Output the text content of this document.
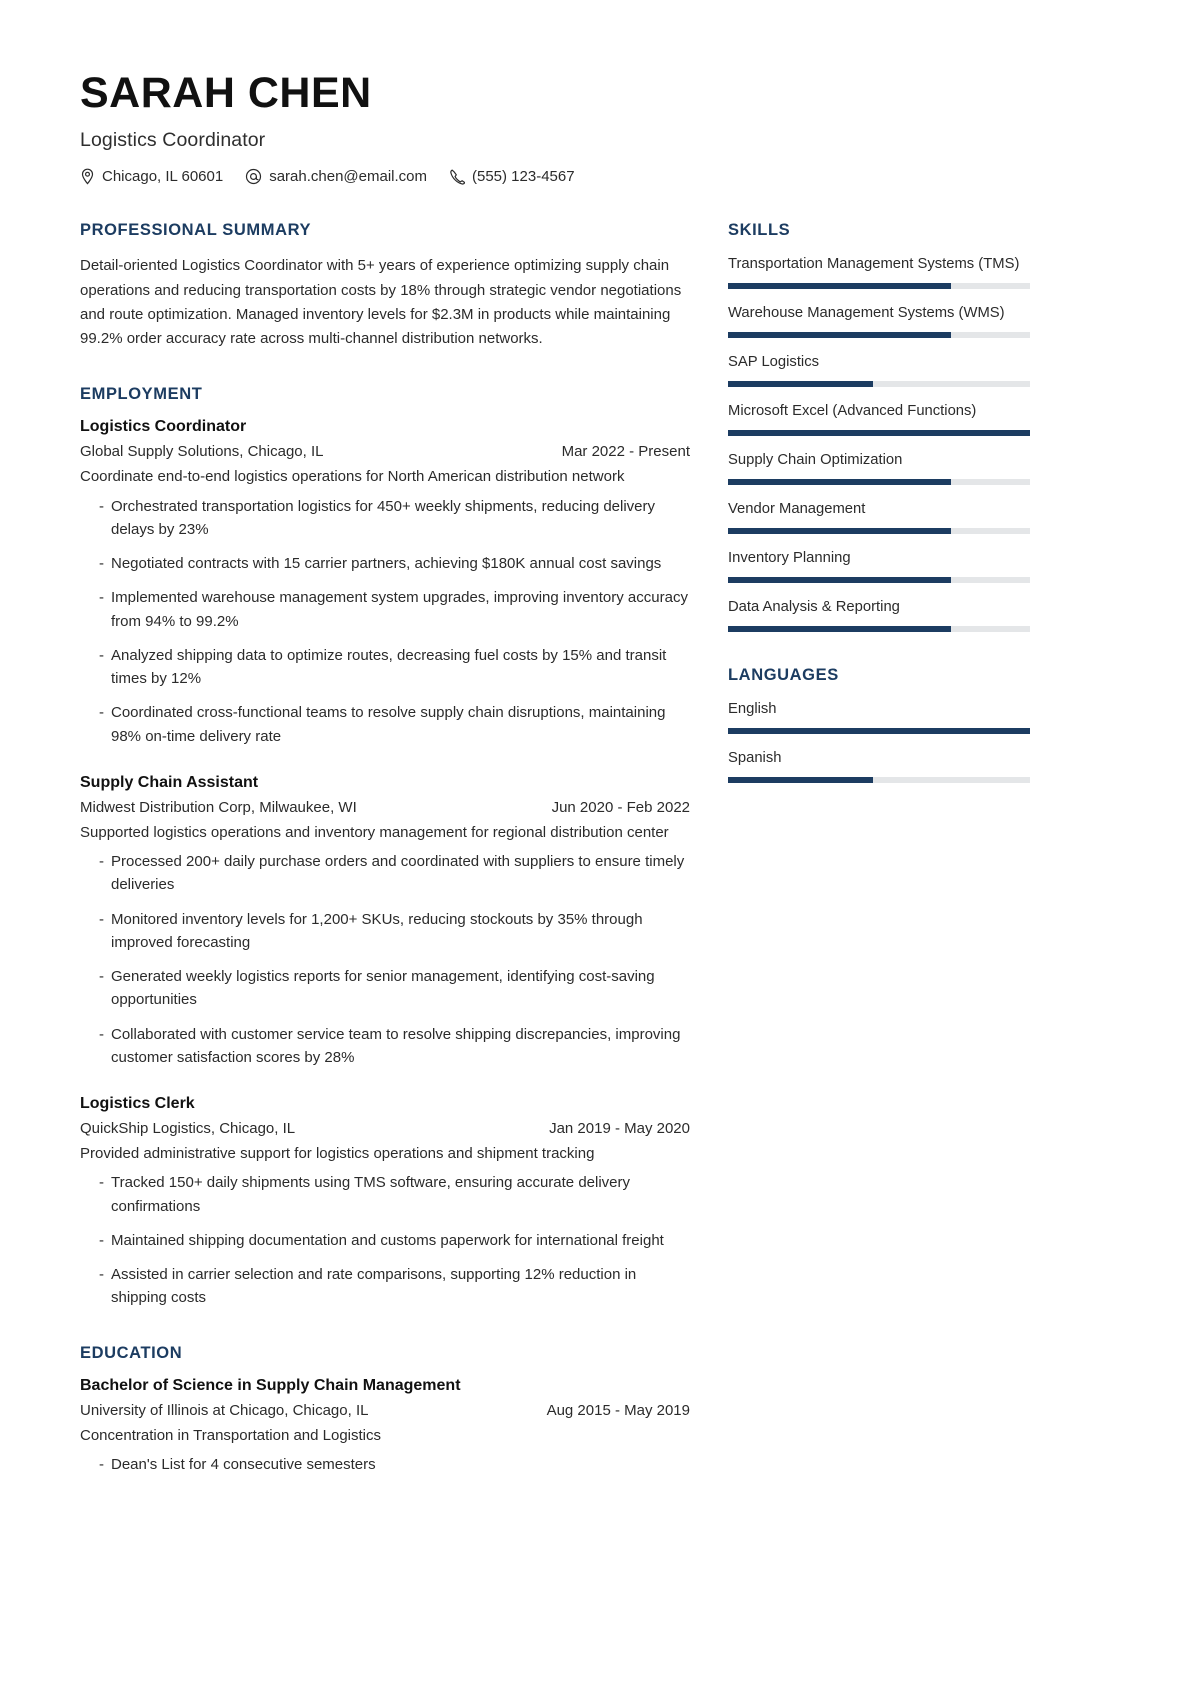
SARAH CHEN
Logistics Coordinator
Chicago, IL 60601	sarah.chen@email.com	(555) 123-4567
PROFESSIONAL SUMMARY

Detail-oriented Logistics Coordinator with 5+ years of experience optimizing supply chain operations and reducing transportation costs by 18% through strategic vendor negotiations and route optimization. Managed inventory levels for $2.3M in products while maintaining 99.2% order accuracy rate across multi-channel distribution networks.

EMPLOYMENT
Logistics Coordinator
Global Supply Solutions, Chicago, IL	Mar 2022 - Present

Coordinate end-to-end logistics operations for North American distribution network

- Orchestrated transportation logistics for 450+ weekly shipments, reducing delivery delays by 23%
- Negotiated contracts with 15 carrier partners, achieving $180K annual cost savings
- Implemented warehouse management system upgrades, improving inventory accuracy from 94% to 99.2%
- Analyzed shipping data to optimize routes, decreasing fuel costs by 15% and transit times by 12%
- Coordinated cross-functional teams to resolve supply chain disruptions, maintaining 98% on-time delivery rate
Supply Chain Assistant
Midwest Distribution Corp, Milwaukee, WI	Jun 2020 - Feb 2022

Supported logistics operations and inventory management for regional distribution center

- Processed 200+ daily purchase orders and coordinated with suppliers to ensure timely deliveries
- Monitored inventory levels for 1,200+ SKUs, reducing stockouts by 35% through improved forecasting
- Generated weekly logistics reports for senior management, identifying cost-saving opportunities
- Collaborated with customer service team to resolve shipping discrepancies, improving customer satisfaction scores by 28%
Logistics Clerk
QuickShip Logistics, Chicago, IL	Jan 2019 - May 2020

Provided administrative support for logistics operations and shipment tracking

- Tracked 150+ daily shipments using TMS software, ensuring accurate delivery confirmations
- Maintained shipping documentation and customs paperwork for international freight
- Assisted in carrier selection and rate comparisons, supporting 12% reduction in shipping costs
EDUCATION
Bachelor of Science in Supply Chain Management
University of Illinois at Chicago, Chicago, IL	Aug 2015 - May 2019

Concentration in Transportation and Logistics

- Dean's List for 4 consecutive semesters
SKILLS
Transportation Management Systems (TMS)
Warehouse Management Systems (WMS)
SAP Logistics
Microsoft Excel (Advanced Functions)
Supply Chain Optimization
Vendor Management
Inventory Planning
Data Analysis & Reporting
LANGUAGES
English
Spanish
